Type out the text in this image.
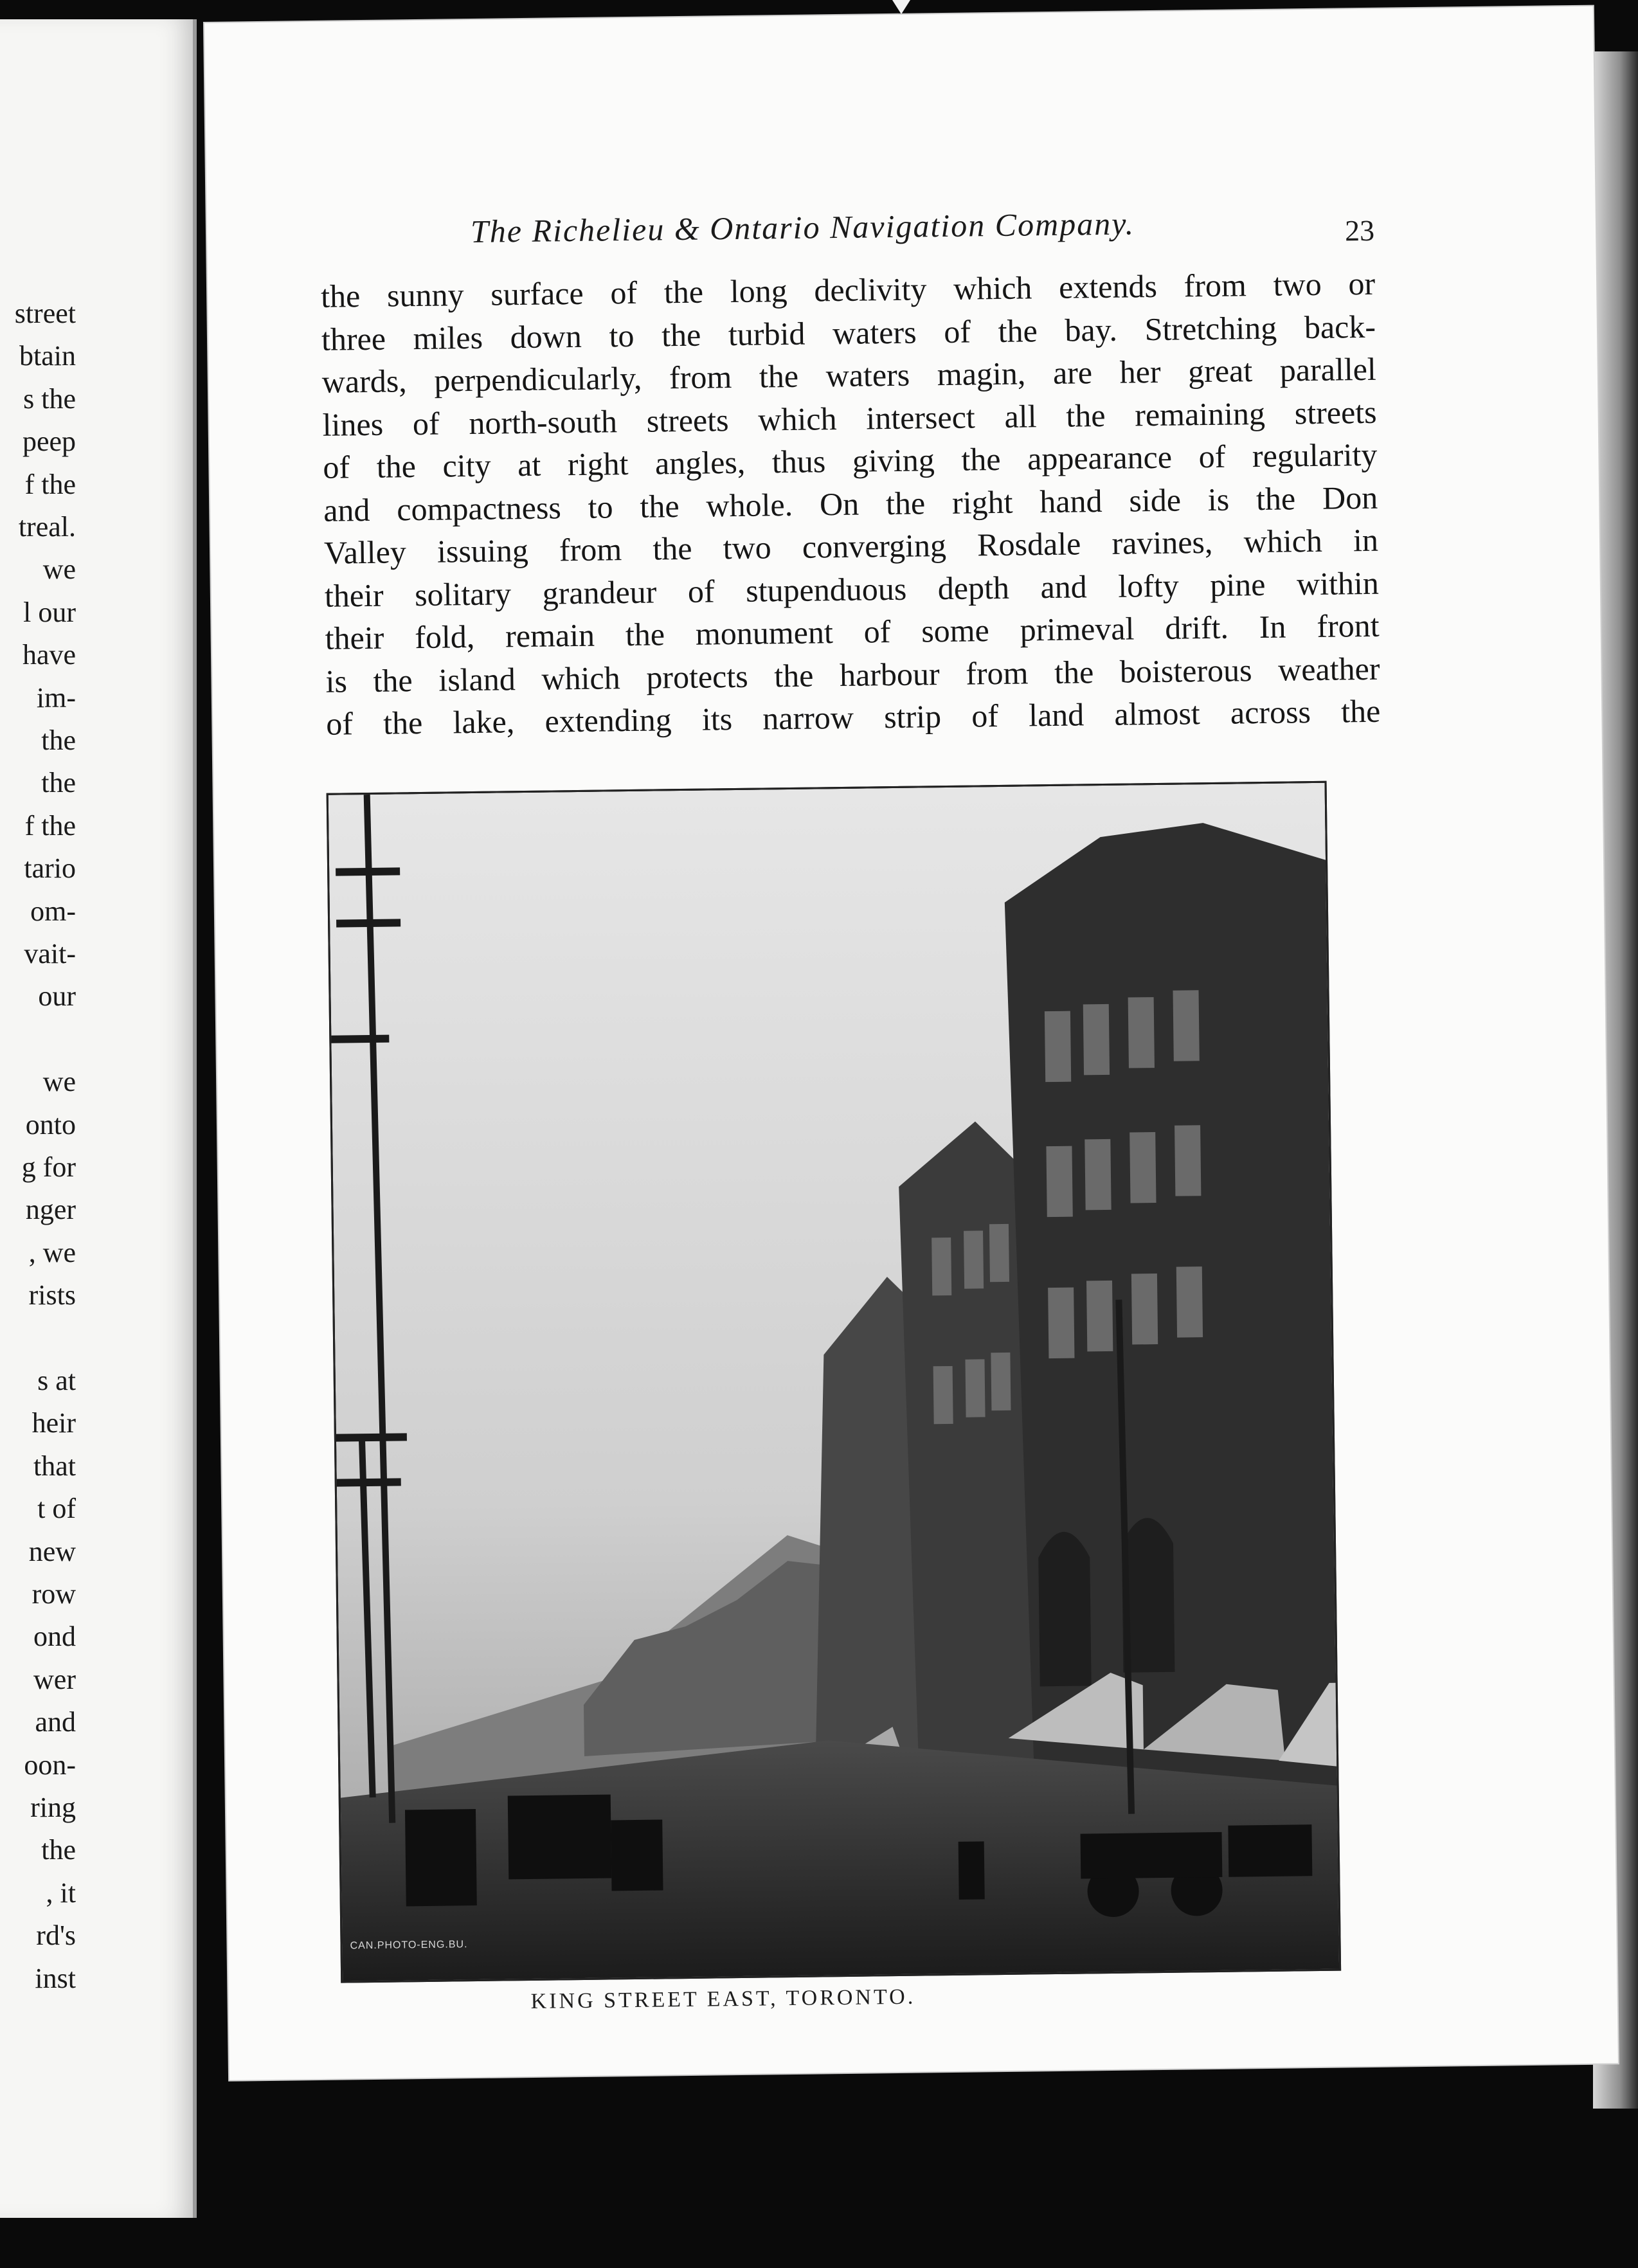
street
btain
s the
peep
f the
treal.
we
l our
have
im-
the
the
f the
tario
om-
vait-
our
we
onto
g for
nger
, we
rists
s at
heir
that
t of
new
row
ond
wer
and
oon-
ring
the
, it
rd's
inst
The Richelieu & Ontario Navigation Company.	23
the sunny surface of the long declivity which extends from two or
three miles down to the turbid waters of the bay. Stretching back-
wards, perpendicularly, from the waters magin, are her great parallel
lines of north-south streets which intersect all the remaining streets
of the city at right angles, thus giving the appearance of regularity
and compactness to the whole. On the right hand side is the Don
Valley issuing from the two converging Rosdale ravines, which in
their solitary grandeur of stupenduous depth and lofty pine within
their fold, remain the monument of some primeval drift. In front
is the island which protects the harbour from the boisterous weather
of the lake, extending its narrow strip of land almost across the
CAN.PHOTO-ENG.BU.
KING STREET EAST, TORONTO.
